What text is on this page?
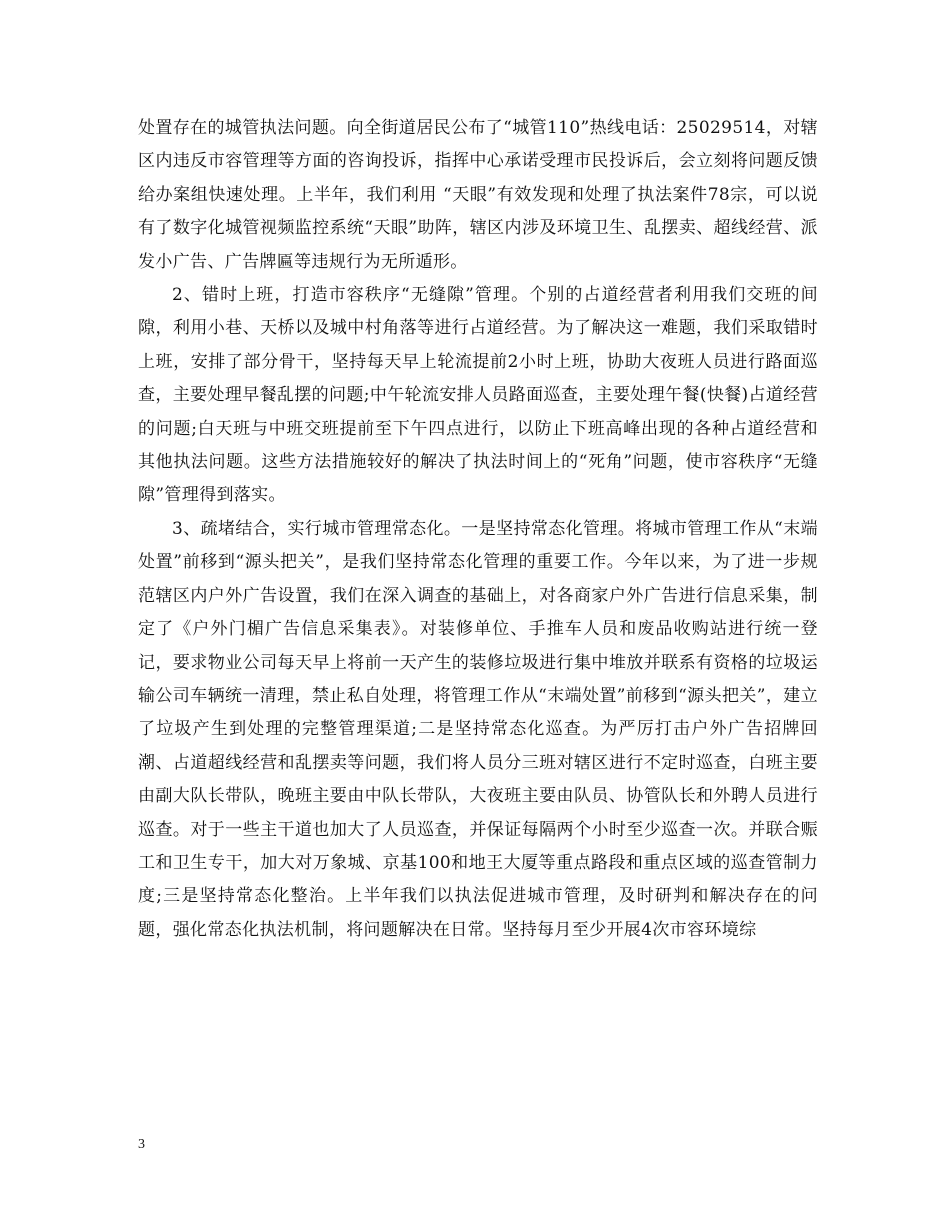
处置存在的城管执法问题。向全街道居民公布了“城管110”热线电话：25029514，对辖区内违反市容管理等方面的咨询投诉，指挥中心承诺受理市民投诉后，会立刻将问题反馈给办案组快速处理。上半年，我们利用 “天眼”有效发现和处理了执法案件78宗，可以说有了数字化城管视频监控系统“天眼”助阵，辖区内涉及环境卫生、乱摆卖、超线经营、派发小广告、广告牌匾等违规行为无所遁形。

2、错时上班，打造市容秩序“无缝隙”管理。个别的占道经营者利用我们交班的间隙，利用小巷、天桥以及城中村角落等进行占道经营。为了解决这一难题，我们采取错时上班，安排了部分骨干，坚持每天早上轮流提前2小时上班，协助大夜班人员进行路面巡查，主要处理早餐乱摆的问题;中午轮流安排人员路面巡查，主要处理午餐(快餐)占道经营的问题;白天班与中班交班提前至下午四点进行，以防止下班高峰出现的各种占道经营和其他执法问题。这些方法措施较好的解决了执法时间上的“死角”问题，使市容秩序“无缝隙”管理得到落实。

3、疏堵结合，实行城市管理常态化。一是坚持常态化管理。将城市管理工作从“末端处置”前移到“源头把关”，是我们坚持常态化管理的重要工作。今年以来，为了进一步规范辖区内户外广告设置，我们在深入调查的基础上，对各商家户外广告进行信息采集，制定了《户外门楣广告信息采集表》。对装修单位、手推车人员和废品收购站进行统一登记，要求物业公司每天早上将前一天产生的装修垃圾进行集中堆放并联系有资格的垃圾运输公司车辆统一清理，禁止私自处理，将管理工作从“末端处置”前移到“源头把关”，建立了垃圾产生到处理的完整管理渠道;二是坚持常态化巡查。为严厉打击户外广告招牌回潮、占道超线经营和乱摆卖等问题，我们将人员分三班对辖区进行不定时巡查，白班主要由副大队长带队，晚班主要由中队长带队，大夜班主要由队员、协管队长和外聘人员进行巡查。对于一些主干道也加大了人员巡查，并保证每隔两个小时至少巡查一次。并联合赈工和卫生专干，加大对万象城、京基100和地王大厦等重点路段和重点区域的巡查管制力度;三是坚持常态化整治。上半年我们以执法促进城市管理，及时研判和解决存在的问题，强化常态化执法机制，将问题解决在日常。坚持每月至少开展4次市容环境综

3
